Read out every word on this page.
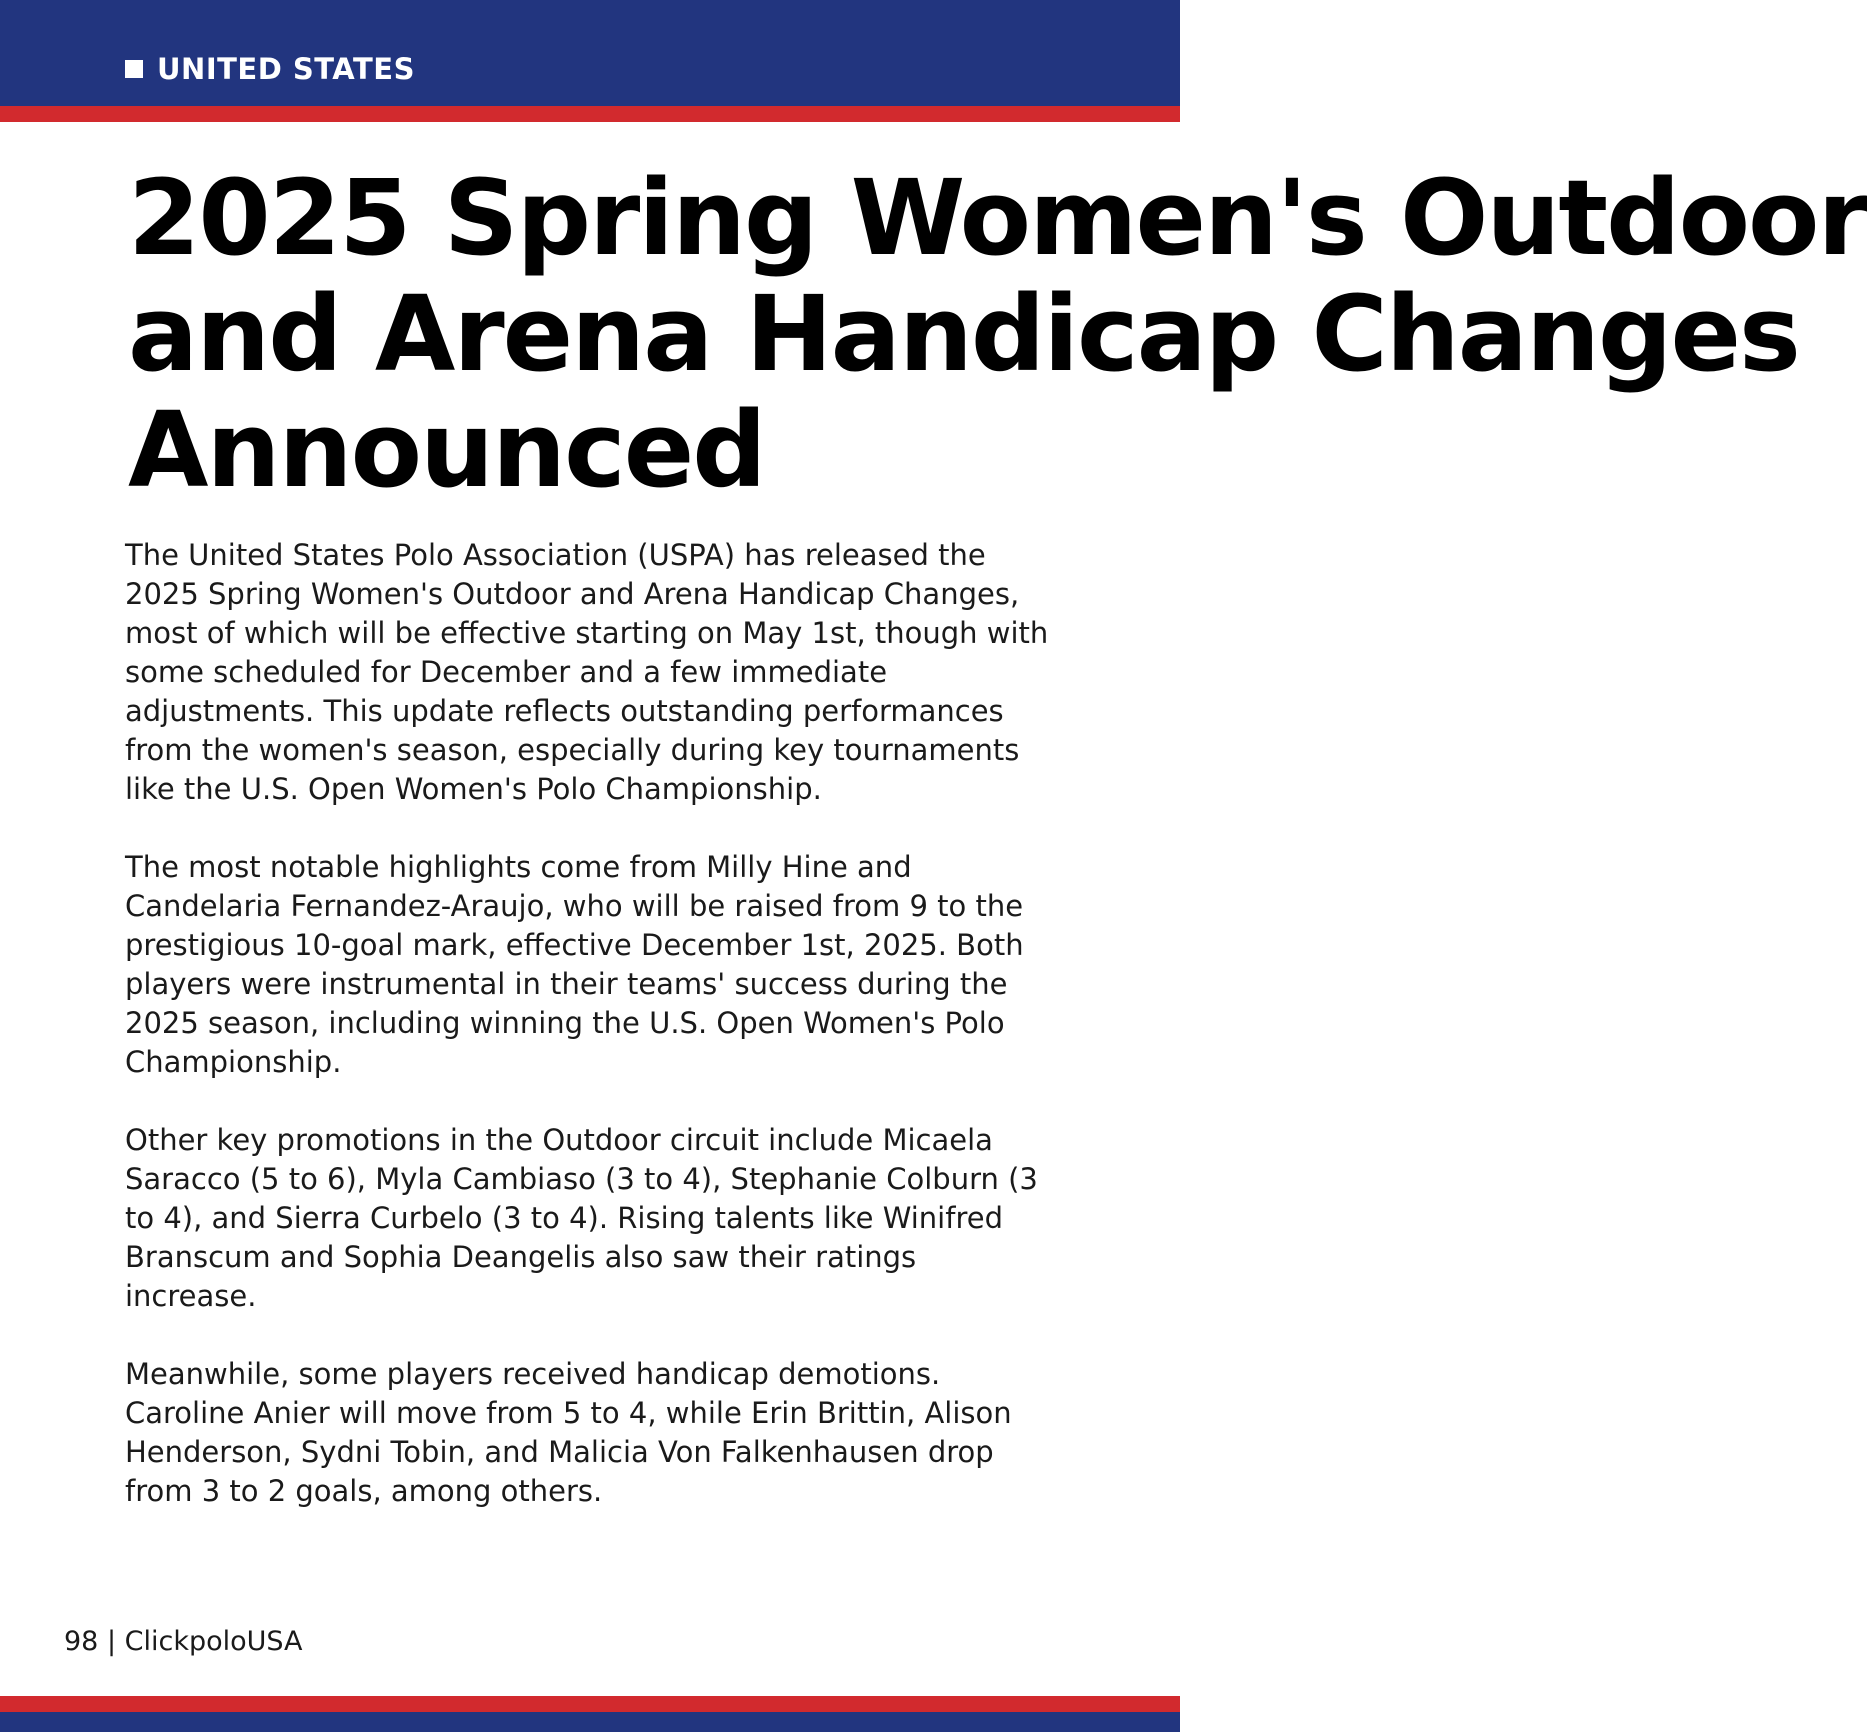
UNITED STATES
2025 Spring Women's Outdoor
and Arena Handicap Changes
Announced

The United States Polo Association (USPA) has released the 2025 Spring Women's Outdoor and Arena Handicap Changes, most of which will be effective starting on May 1st, though with some scheduled for December and a few immediate adjustments. This update reflects outstanding performances from the women's season, especially during key tournaments like the U.S. Open Women's Polo Championship.

The most notable highlights come from Milly Hine and Candelaria Fernandez-Araujo, who will be raised from 9 to the prestigious 10-goal mark, effective December 1st, 2025. Both players were instrumental in their teams' success during the 2025 season, including winning the U.S. Open Women's Polo Championship.

Other key promotions in the Outdoor circuit include Micaela Saracco (5 to 6), Myla Cambiaso (3 to 4), Stephanie Colburn (3 to 4), and Sierra Curbelo (3 to 4). Rising talents like Winifred Branscum and Sophia Deangelis also saw their ratings increase.

Meanwhile, some players received handicap demotions. Caroline Anier will move from 5 to 4, while Erin Brittin, Alison Henderson, Sydni Tobin, and Malicia Von Falkenhausen drop from 3 to 2 goals, among others.

98 | ClickpoloUSA
